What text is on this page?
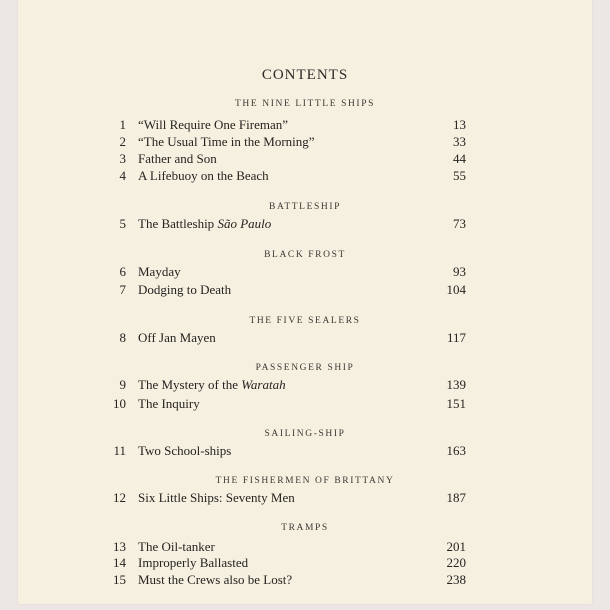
CONTENTS
THE NINE LITTLE SHIPS
1 “Will Require One Fireman”	13
2 “The Usual Time in the Morning”	33
3 Father and Son	44
4 A Lifebuoy on the Beach	55
BATTLESHIP
5 The Battleship São Paulo	73
BLACK FROST
6 Mayday	93
7 Dodging to Death	104
THE FIVE SEALERS
8 Off Jan Mayen	117
PASSENGER SHIP
9 The Mystery of the Waratah	139
10 The Inquiry	151
SAILING-SHIP
11 Two School-ships	163
THE FISHERMEN OF BRITTANY
12 Six Little Ships: Seventy Men	187
TRAMPS
13 The Oil-tanker	201
14 Improperly Ballasted	220
15 Must the Crews also be Lost?	238
